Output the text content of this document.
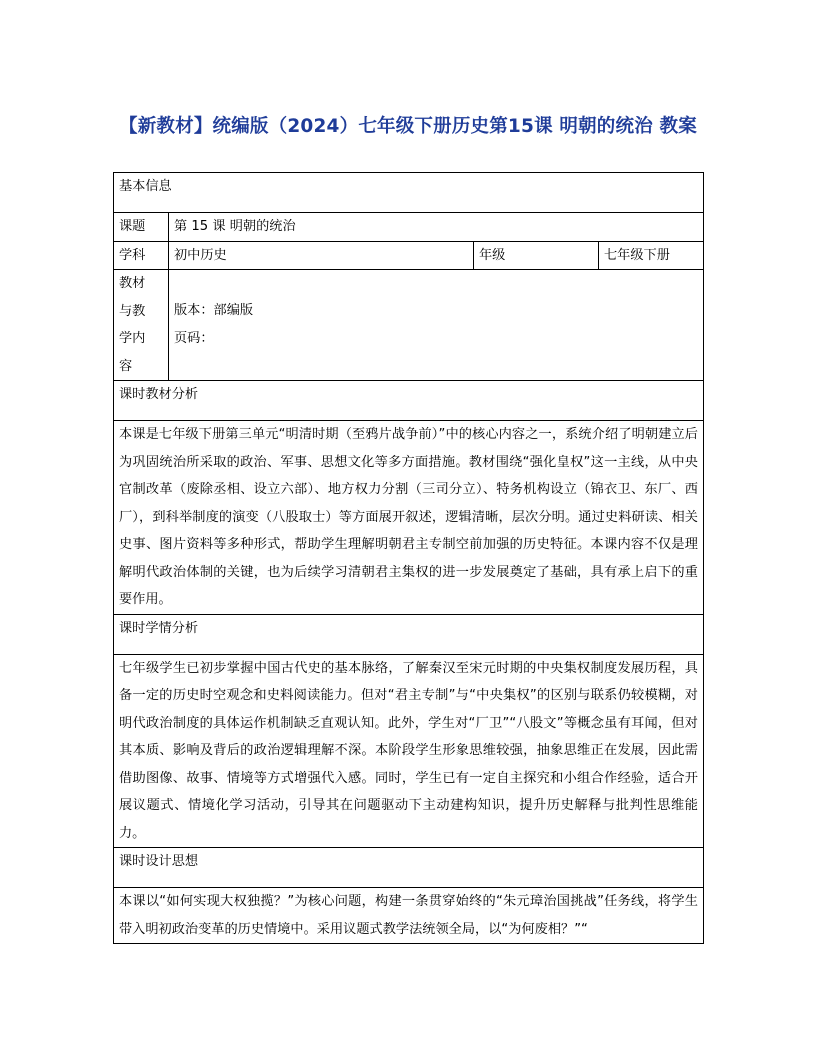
【新教材】统编版（2024）七年级下册历史第15课 明朝的统治 教案
基本信息			
课题	第 15 课 明朝的统治		
学科	初中历史	年级	七年级下册

教材
与教
学内
容	版本：部编版
页码：		

课时教材分析			
本课是七年级下册第三单元“明清时期（至鸦片战争前）”中的核心内容之一，系统介绍了明朝建立后为巩固统治所采取的政治、军事、思想文化等多方面措施。教材围绕“强化皇权”这一主线，从中央官制改革（废除丞相、设立六部）、地方权力分割（三司分立）、特务机构设立（锦衣卫、东厂、西厂），到科举制度的演变（八股取士）等方面展开叙述，逻辑清晰，层次分明。通过史料研读、相关史事、图片资料等多种形式，帮助学生理解明朝君主专制空前加强的历史特征。本课内容不仅是理解明代政治体制的关键，也为后续学习清朝君主集权的进一步发展奠定了基础，具有承上启下的重要作用。			
课时学情分析			
七年级学生已初步掌握中国古代史的基本脉络，了解秦汉至宋元时期的中央集权制度发展历程，具备一定的历史时空观念和史料阅读能力。但对“君主专制”与“中央集权”的区别与联系仍较模糊，对明代政治制度的具体运作机制缺乏直观认知。此外，学生对“厂卫”“八股文”等概念虽有耳闻，但对其本质、影响及背后的政治逻辑理解不深。本阶段学生形象思维较强，抽象思维正在发展，因此需借助图像、故事、情境等方式增强代入感。同时，学生已有一定自主探究和小组合作经验，适合开展议题式、情境化学习活动，引导其在问题驱动下主动建构知识，提升历史解释与批判性思维能力。			
课时设计思想			
本课以“如何实现大权独揽？”为核心问题，构建一条贯穿始终的“朱元璋治国挑战”任务线，将学生带入明初政治变革的历史情境中。采用议题式教学法统领全局，以“为何废相？”“			
